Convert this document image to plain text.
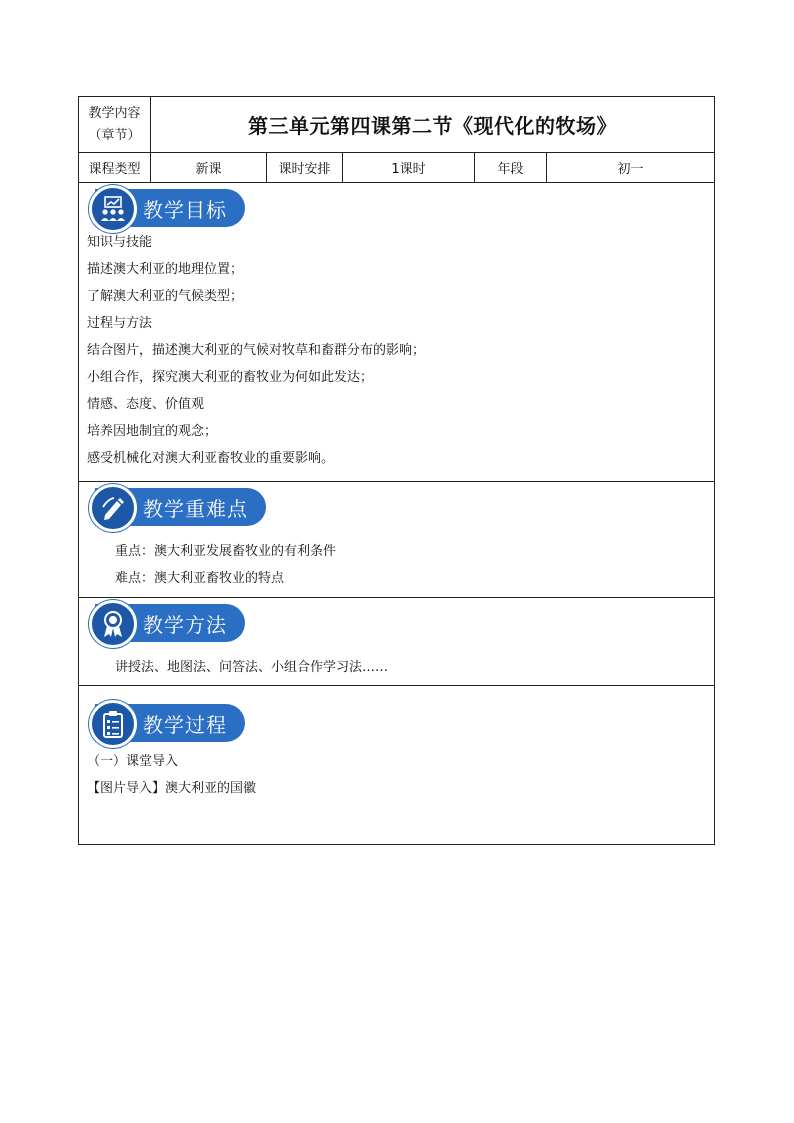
教学内容
（章节）	第三单元第四课第二节《现代化的牧场》
课程类型	新课	课时安排	1课时	年段	初一
教学目标
知识与技能
描述澳大利亚的地理位置；
了解澳大利亚的气候类型；
过程与方法
结合图片，描述澳大利亚的气候对牧草和畜群分布的影响；
小组合作，探究澳大利亚的畜牧业为何如此发达；
情感、态度、价值观
培养因地制宜的观念；
感受机械化对澳大利亚畜牧业的重要影响。
教学重难点
重点：澳大利亚发展畜牧业的有利条件
难点：澳大利亚畜牧业的特点
教学方法
讲授法、地图法、问答法、小组合作学习法……
教学过程
（一）课堂导入
【图片导入】澳大利亚的国徽
